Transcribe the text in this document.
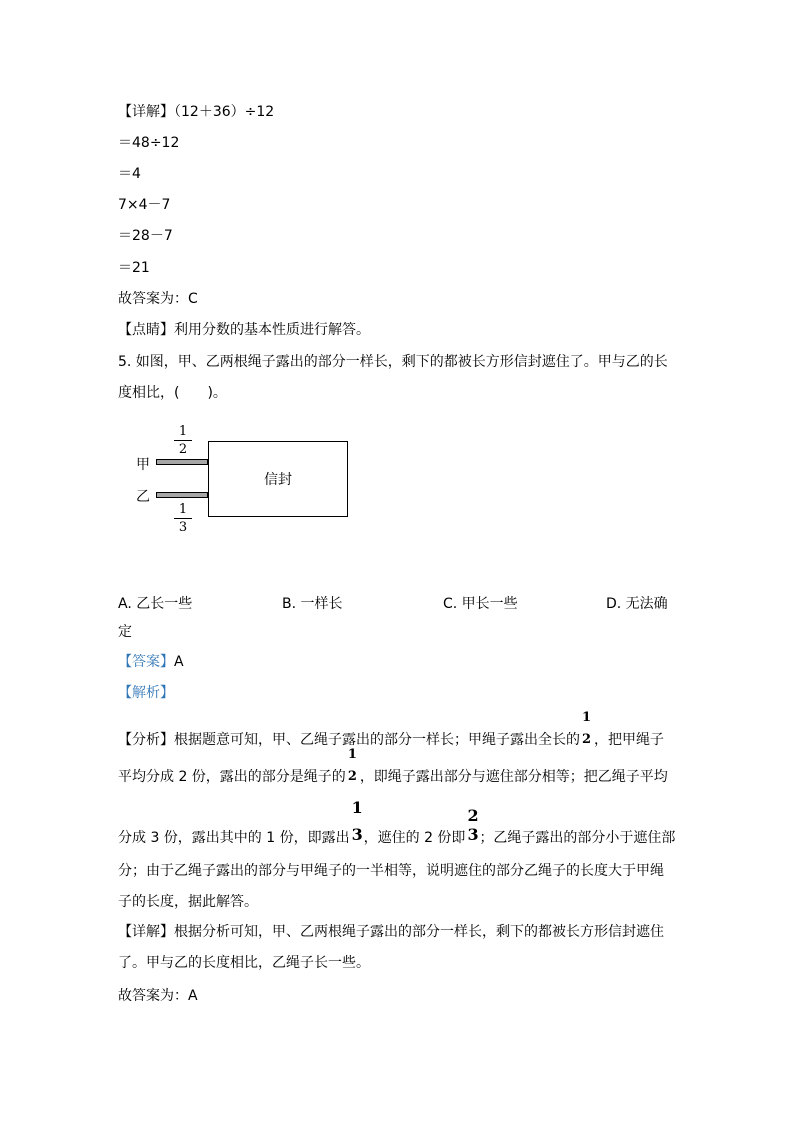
【详解】（12＋36）÷12
＝48÷12
＝4
7×4－7
＝28－7
＝21
故答案为：C
【点睛】利用分数的基本性质进行解答。
5. 如图，甲、乙两根绳子露出的部分一样长，剩下的都被长方形信封遮住了。甲与乙的长
度相比，(　　)。
1
2
甲
乙
1
3
信封
A. 乙长一些	B. 一样长	C. 甲长一些	D. 无法确
定
【答案】A
【解析】
【分析】根据题意可知，甲、乙绳子露出的部分一样长；甲绳子露出全长的
1
2 ，把甲绳子
平均分成 2 份，露出的部分是绳子的
1
2 ，即绳子露出部分与遮住部分相等；把乙绳子平均
分成 3 份，露出其中的 1 份，即露出
1
3 ，遮住的 2 份即
2
3 ；乙绳子露出的部分小于遮住部
分；由于乙绳子露出的部分与甲绳子的一半相等，说明遮住的部分乙绳子的长度大于甲绳
子的长度，据此解答。
【详解】根据分析可知，甲、乙两根绳子露出的部分一样长，剩下的都被长方形信封遮住
了。甲与乙的长度相比，乙绳子长一些。
故答案为：A
